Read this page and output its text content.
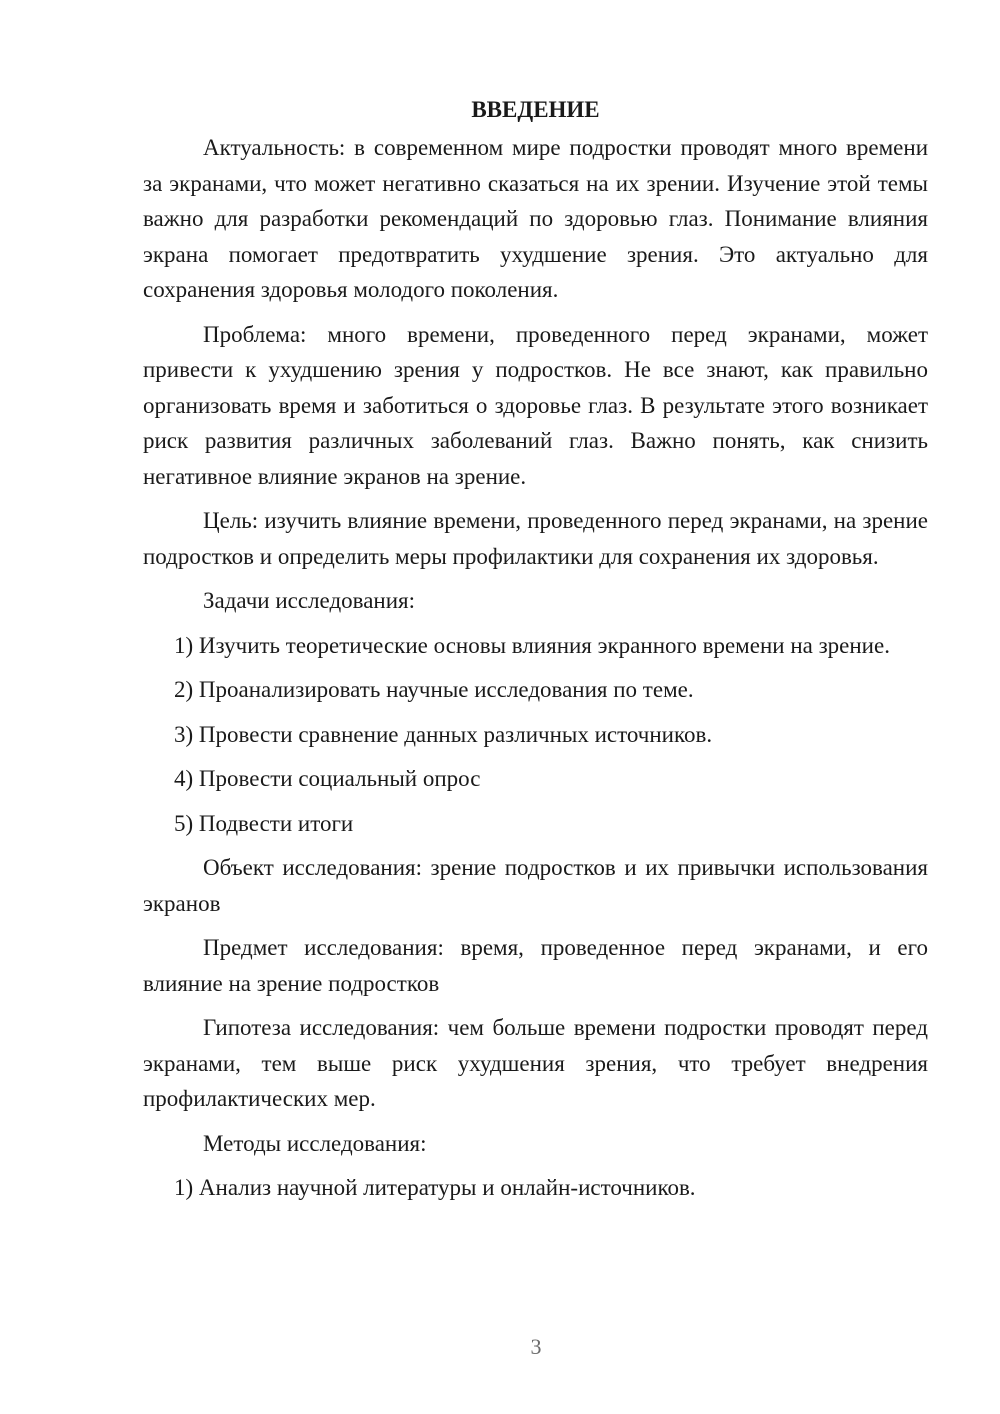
ВВЕДЕНИЕ

Актуальность: в современном мире подростки проводят много времени за экранами, что может негативно сказаться на их зрении. Изучение этой темы важно для разработки рекомендаций по здоровью глаз. Понимание влияния экрана помогает предотвратить ухудшение зрения. Это актуально для сохранения здоровья молодого поколения.

Проблема: много времени, проведенного перед экранами, может привести к ухудшению зрения у подростков. Не все знают, как правильно организовать время и заботиться о здоровье глаз. В результате этого возникает риск развития различных заболеваний глаз. Важно понять, как снизить негативное влияние экранов на зрение.

Цель: изучить влияние времени, проведенного перед экранами, на зрение подростков и определить меры профилактики для сохранения их здоровья.

Задачи исследования:

1) Изучить теоретические основы влияния экранного времени на зрение.

2) Проанализировать научные исследования по теме.

3) Провести сравнение данных различных источников.

4) Провести социальный опрос

5) Подвести итоги

Объект исследования: зрение подростков и их привычки использования экранов

Предмет исследования: время, проведенное перед экранами, и его влияние на зрение подростков

Гипотеза исследования: чем больше времени подростки проводят перед экранами, тем выше риск ухудшения зрения, что требует внедрения профилактических мер.

Методы исследования:

1) Анализ научной литературы и онлайн-источников.

3
